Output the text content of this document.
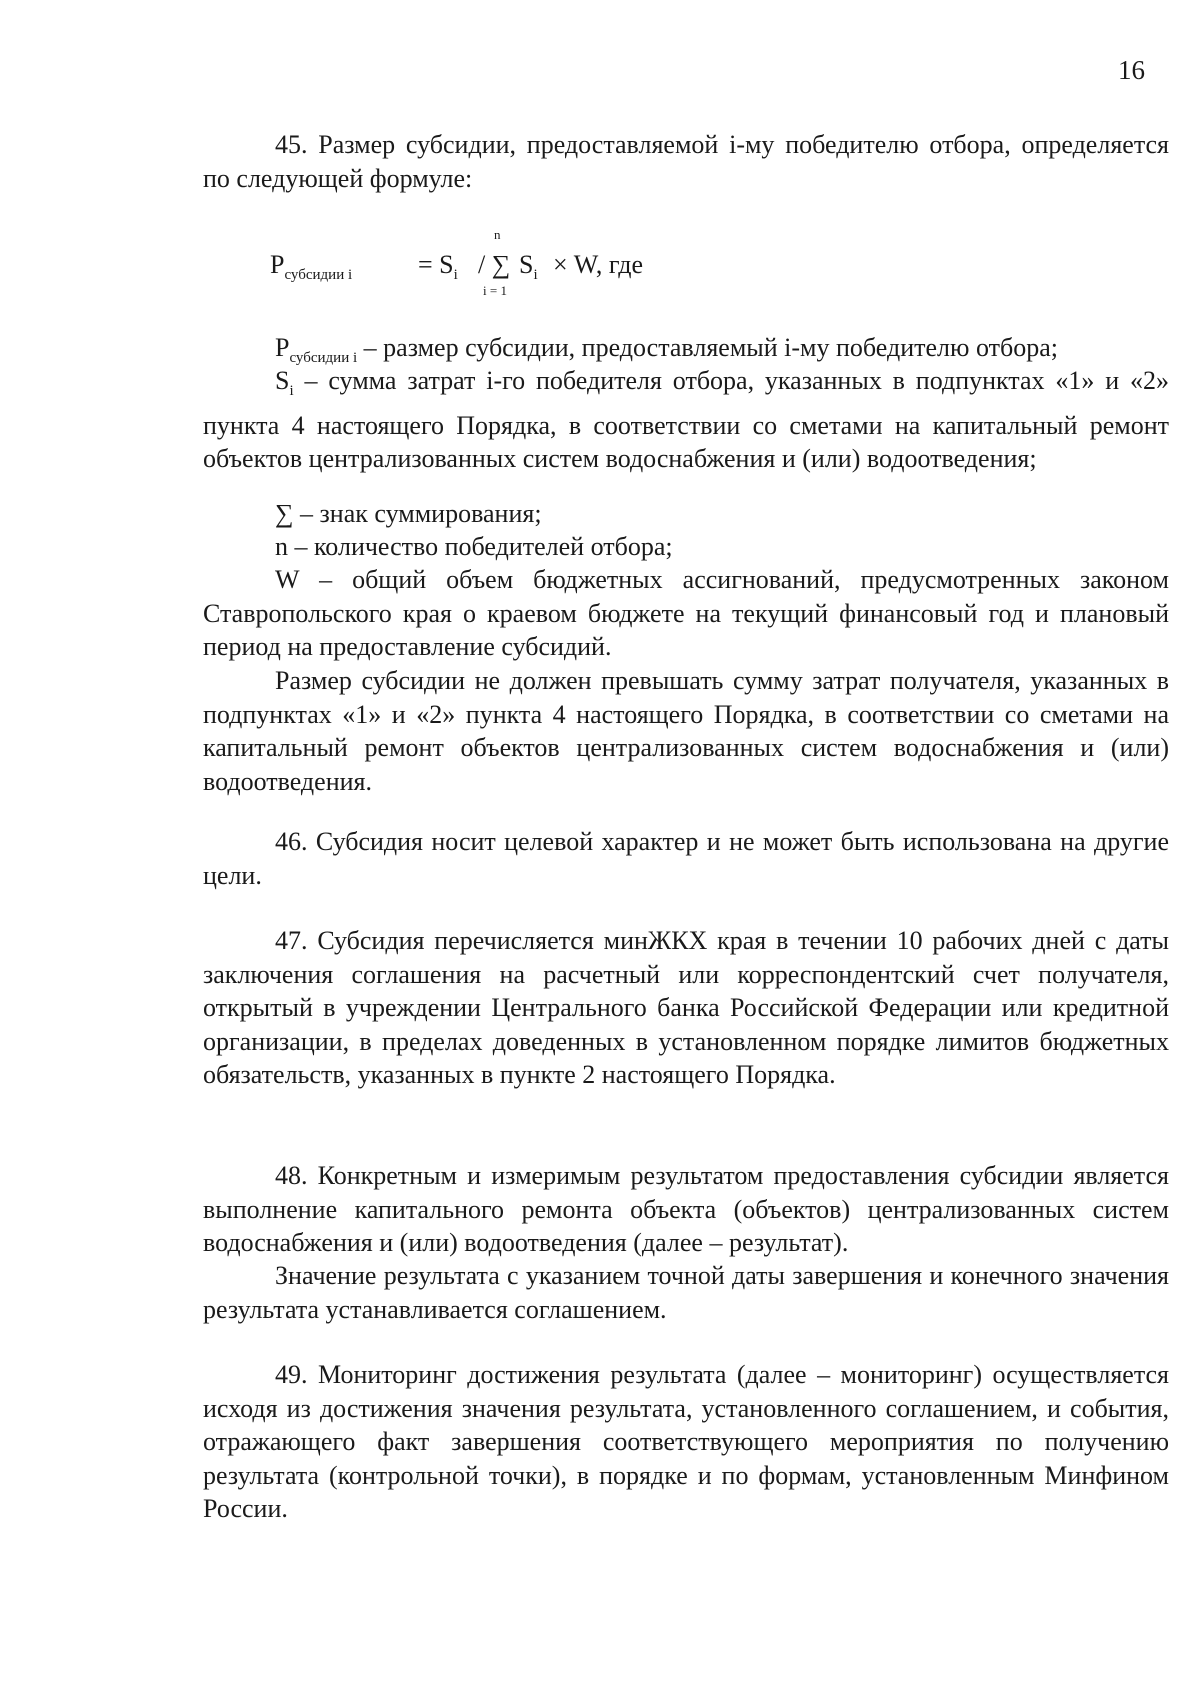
16

45. Размер субсидии, предоставляемой i-му победителю отбора, определяется по следующей формуле:

$P_{субсидии i}$	= $S_i$ / ∑
n
i = 1
$S_i \times W$, где

$P_{субсидии i}$ – размер субсидии, предоставляемый i-му победителю отбора;

$S_i$ – сумма затрат i-го победителя отбора, указанных в подпунктах «1» и «2» пункта 4 настоящего Порядка, в соответствии со сметами на капитальный ремонт объектов централизованных систем водоснабжения и (или) водоотведения;

∑ – знак суммирования;

n – количество победителей отбора;

W – общий объем бюджетных ассигнований, предусмотренных законом Ставропольского края о краевом бюджете на текущий финансовый год и плановый период на предоставление субсидий.

Размер субсидии не должен превышать сумму затрат получателя, указанных в подпунктах «1» и «2» пункта 4 настоящего Порядка, в соответствии со сметами на капитальный ремонт объектов централизованных систем водоснабжения и (или) водоотведения.

46. Субсидия носит целевой характер и не может быть использована на другие цели.

47. Субсидия перечисляется минЖКХ края в течении 10 рабочих дней с даты заключения соглашения на расчетный или корреспондентский счет получателя, открытый в учреждении Центрального банка Российской Федерации или кредитной организации, в пределах доведенных в установленном порядке лимитов бюджетных обязательств, указанных в пункте 2 настоящего Порядка.

48. Конкретным и измеримым результатом предоставления субсидии является выполнение капитального ремонта объекта (объектов) централизованных систем водоснабжения и (или) водоотведения (далее – результат).

Значение результата с указанием точной даты завершения и конечного значения результата устанавливается соглашением.

49. Мониторинг достижения результата (далее – мониторинг) осуществляется исходя из достижения значения результата, установленного соглашением, и события, отражающего факт завершения соответствующего мероприятия по получению результата (контрольной точки), в порядке и по формам, установленным Минфином России.
